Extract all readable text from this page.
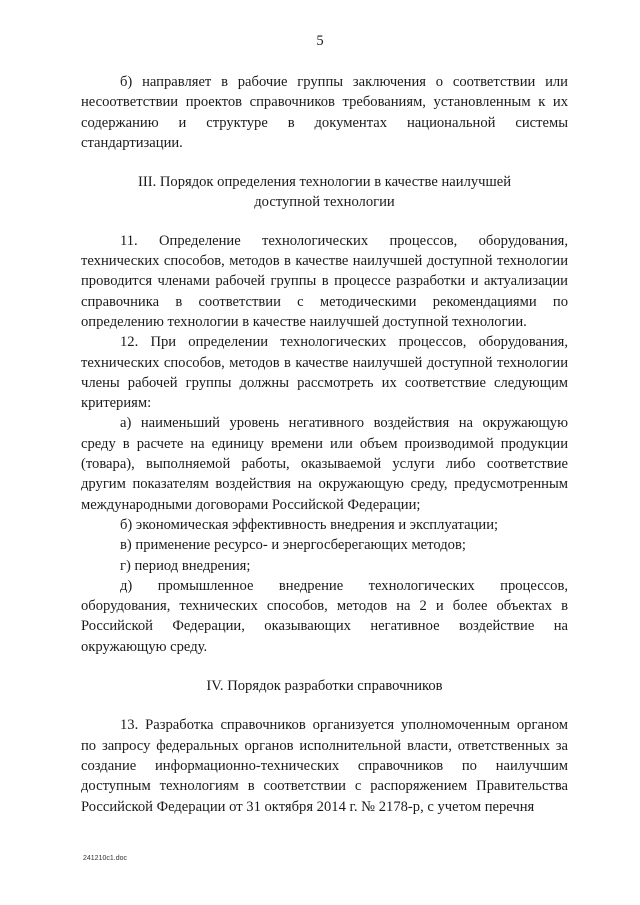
5

б) направляет в рабочие группы заключения о соответствии или несоответствии проектов справочников требованиям, установленным к их содержанию и структуре в документах национальной системы стандартизации.

III. Порядок определения технологии в качестве наилучшей доступной технологии

11. Определение технологических процессов, оборудования, технических способов, методов в качестве наилучшей доступной технологии проводится членами рабочей группы в процессе разработки и актуализации справочника в соответствии с методическими рекомендациями по определению технологии в качестве наилучшей доступной технологии.

12. При определении технологических процессов, оборудования, технических способов, методов в качестве наилучшей доступной технологии члены рабочей группы должны рассмотреть их соответствие следующим критериям:

а) наименьший уровень негативного воздействия на окружающую среду в расчете на единицу времени или объем производимой продукции (товара), выполняемой работы, оказываемой услуги либо соответствие другим показателям воздействия на окружающую среду, предусмотренным международными договорами Российской Федерации;

б) экономическая эффективность внедрения и эксплуатации;

в) применение ресурсо- и энергосберегающих методов;

г) период внедрения;

д) промышленное внедрение технологических процессов, оборудования, технических способов, методов на 2 и более объектах в Российской Федерации, оказывающих негативное воздействие на окружающую среду.

IV. Порядок разработки справочников

13. Разработка справочников организуется уполномоченным органом по запросу федеральных органов исполнительной власти, ответственных за создание информационно-технических справочников по наилучшим доступным технологиям в соответствии с распоряжением Правительства Российской Федерации от 31 октября 2014 г. № 2178-р, с учетом перечня

241210c1.doc
